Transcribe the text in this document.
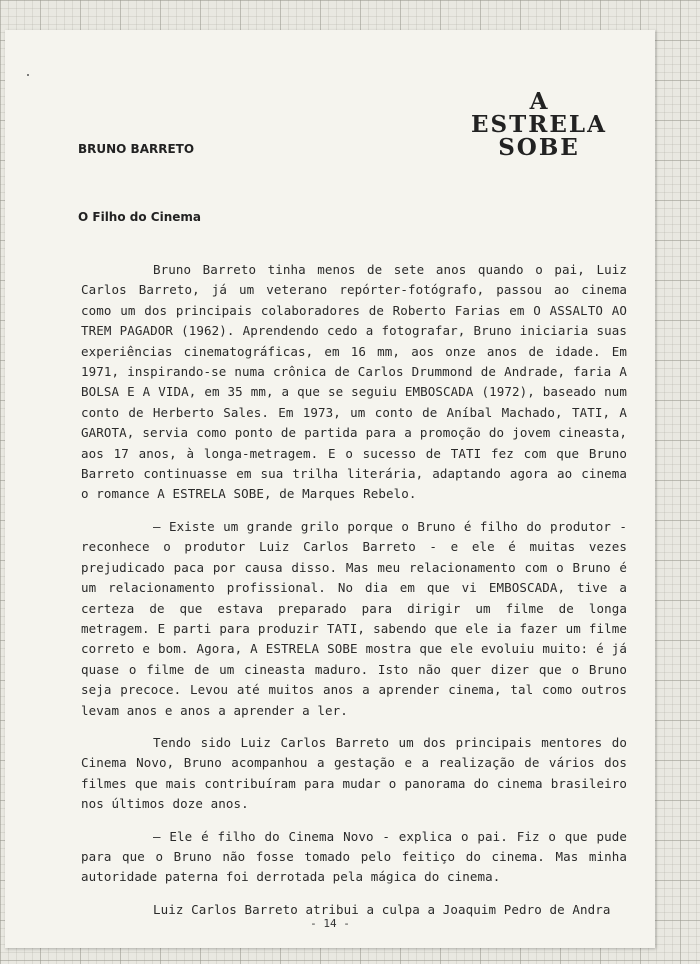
A
ESTRELA
SOBE
BRUNO BARRETO
O Filho do Cinema

Bruno Barreto tinha menos de sete anos quando o pai, Luiz Carlos Barreto, já um veterano repórter-fotógrafo, passou ao cinema como um dos principais colaboradores de Roberto Farias em O ASSALTO AO TREM PAGADOR (1962). Aprendendo cedo a fotografar, Bruno iniciaria suas experiências cinematográficas, em 16 mm, aos onze anos de idade. Em 1971, inspirando-se numa crônica de Carlos Drummond de Andrade, faria A BOLSA E A VIDA, em 35 mm, a que se seguiu EMBOSCADA (1972), baseado num conto de Herberto Sales. Em 1973, um conto de Aníbal Machado, TATI, A GAROTA, servia como ponto de partida para a promoção do jovem cineasta, aos 17 anos, à longa-metragem. E o sucesso de TATI fez com que Bruno Barreto continuasse em sua trilha literária, adaptando agora ao cinema o romance A ESTRELA SOBE, de Marques Rebelo.

— Existe um grande grilo porque o Bruno é filho do produtor - reconhece o produtor Luiz Carlos Barreto - e ele é muitas vezes prejudicado paca por causa disso. Mas meu relacionamento com o Bruno é um relacionamento profissional. No dia em que vi EMBOSCADA, tive a certeza de que estava preparado para dirigir um filme de longa metragem. E parti para produzir TATI, sabendo que ele ia fazer um filme correto e bom. Agora, A ESTRELA SOBE mostra que ele evoluiu muito: é já quase o filme de um cineasta maduro. Isto não quer dizer que o Bruno seja precoce. Levou até muitos anos a aprender cinema, tal como outros levam anos e anos a aprender a ler.

Tendo sido Luiz Carlos Barreto um dos principais mentores do Cinema Novo, Bruno acompanhou a gestação e a realização de vários dos filmes que mais contribuíram para mudar o panorama do cinema brasileiro nos últimos doze anos.

— Ele é filho do Cinema Novo - explica o pai. Fiz o que pude para que o Bruno não fosse tomado pelo feitiço do cinema. Mas minha autoridade paterna foi derrotada pela mágica do cinema.

Luiz Carlos Barreto atribui a culpa a Joaquim Pedro de Andra

- 14 -
